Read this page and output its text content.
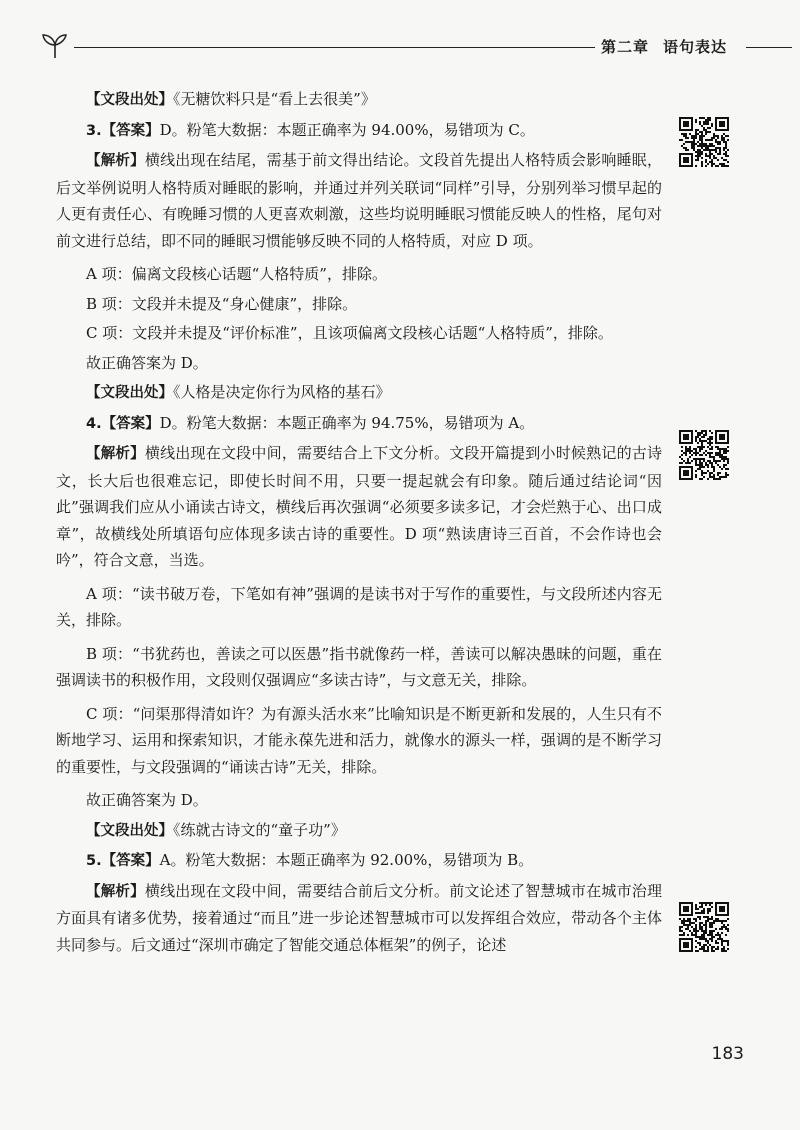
第二章 语句表达

【文段出处】《无糖饮料只是“看上去很美”》

3.【答案】D。粉笔大数据：本题正确率为 94.00%，易错项为 C。

【解析】横线出现在结尾，需基于前文得出结论。文段首先提出人格特质会影响睡眠，后文举例说明人格特质对睡眠的影响，并通过并列关联词“同样”引导，分别列举习惯早起的人更有责任心、有晚睡习惯的人更喜欢刺激，这些均说明睡眠习惯能反映人的性格，尾句对前文进行总结，即不同的睡眠习惯能够反映不同的人格特质，对应 D 项。

A 项：偏离文段核心话题“人格特质”，排除。

B 项：文段并未提及“身心健康”，排除。

C 项：文段并未提及“评价标准”，且该项偏离文段核心话题“人格特质”，排除。

故正确答案为 D。

【文段出处】《人格是决定你行为风格的基石》

4.【答案】D。粉笔大数据：本题正确率为 94.75%，易错项为 A。

【解析】横线出现在文段中间，需要结合上下文分析。文段开篇提到小时候熟记的古诗文，长大后也很难忘记，即使长时间不用，只要一提起就会有印象。随后通过结论词“因此”强调我们应从小诵读古诗文，横线后再次强调“必须要多读多记，才会烂熟于心、出口成章”，故横线处所填语句应体现多读古诗的重要性。D 项“熟读唐诗三百首，不会作诗也会吟”，符合文意，当选。

A 项：“读书破万卷，下笔如有神”强调的是读书对于写作的重要性，与文段所述内容无关，排除。

B 项：“书犹药也，善读之可以医愚”指书就像药一样，善读可以解决愚昧的问题，重在强调读书的积极作用，文段则仅强调应“多读古诗”，与文意无关，排除。

C 项：“问渠那得清如许？为有源头活水来”比喻知识是不断更新和发展的，人生只有不断地学习、运用和探索知识，才能永葆先进和活力，就像水的源头一样，强调的是不断学习的重要性，与文段强调的“诵读古诗”无关，排除。

故正确答案为 D。

【文段出处】《练就古诗文的“童子功”》

5.【答案】A。粉笔大数据：本题正确率为 92.00%，易错项为 B。

【解析】横线出现在文段中间，需要结合前后文分析。前文论述了智慧城市在城市治理方面具有诸多优势，接着通过“而且”进一步论述智慧城市可以发挥组合效应，带动各个主体共同参与。后文通过“深圳市确定了智能交通总体框架”的例子，论述

183
